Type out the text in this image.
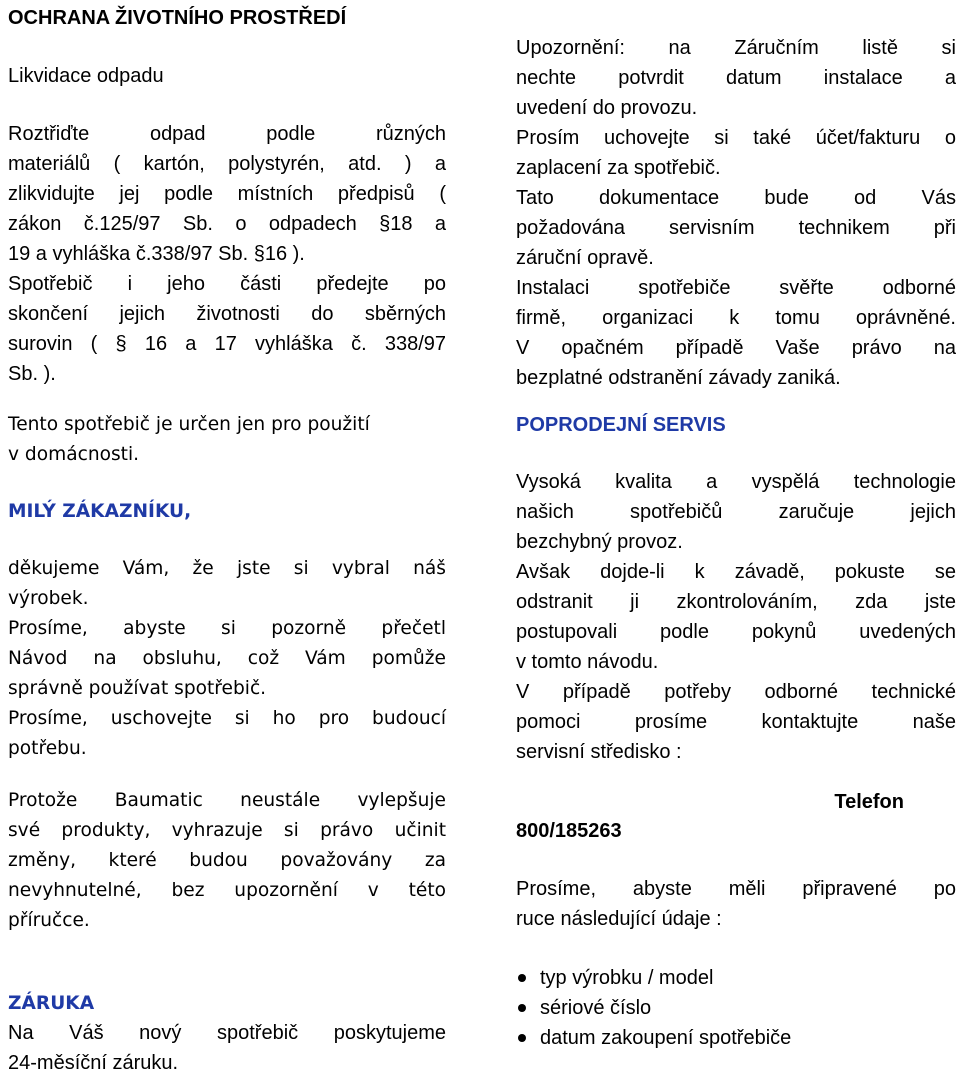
OCHRANA ŽIVOTNÍHO PROSTŘEDÍ
Likvidace odpadu
Roztřiďte odpad podle různých
materiálů ( kartón, polystyrén, atd. ) a
zlikvidujte jej podle místních předpisů (
zákon č.125/97 Sb. o odpadech §18 a
19 a vyhláška č.338/97 Sb. §16 ).
Spotřebič i jeho části předejte po
skončení jejich životnosti do sběrných
surovin ( § 16 a 17 vyhláška č. 338/97
Sb. ).
Tento spotřebič je určen jen pro použití
v domácnosti.
MILÝ ZÁKAZNÍKU,
děkujeme Vám, že jste si vybral náš
výrobek.
Prosíme, abyste si pozorně přečetl
Návod na obsluhu, což Vám pomůže
správně používat spotřebič.
Prosíme, uschovejte si ho pro budoucí
potřebu.
Protože Baumatic neustále vylepšuje
své produkty, vyhrazuje si právo učinit
změny, které budou považovány za
nevyhnutelné, bez upozornění v této
příručce.
ZÁRUKA
Na Váš nový spotřebič poskytujeme
24-měsíční záruku.
Upozornění: na Záručním listě si
nechte potvrdit datum instalace a
uvedení do provozu.
Prosím uchovejte si také účet/fakturu o
zaplacení za spotřebič.
Tato dokumentace bude od Vás
požadována servisním technikem při
záruční opravě.
Instalaci spotřebiče svěřte odborné
firmě, organizaci k tomu oprávněné.
V opačném případě Vaše právo na
bezplatné odstranění závady zaniká.
POPRODEJNÍ SERVIS
Vysoká kvalita a vyspělá technologie
našich spotřebičů zaručuje jejich
bezchybný provoz.
Avšak dojde-li k závadě, pokuste se
odstranit ji zkontrolováním, zda jste
postupovali podle pokynů uvedených
v tomto návodu.
V případě potřeby odborné technické
pomoci prosíme kontaktujte naše
servisní středisko :
Telefon
800/185263
Prosíme, abyste měli připravené po
ruce následující údaje :
typ výrobku / model
sériové číslo
datum zakoupení spotřebiče
